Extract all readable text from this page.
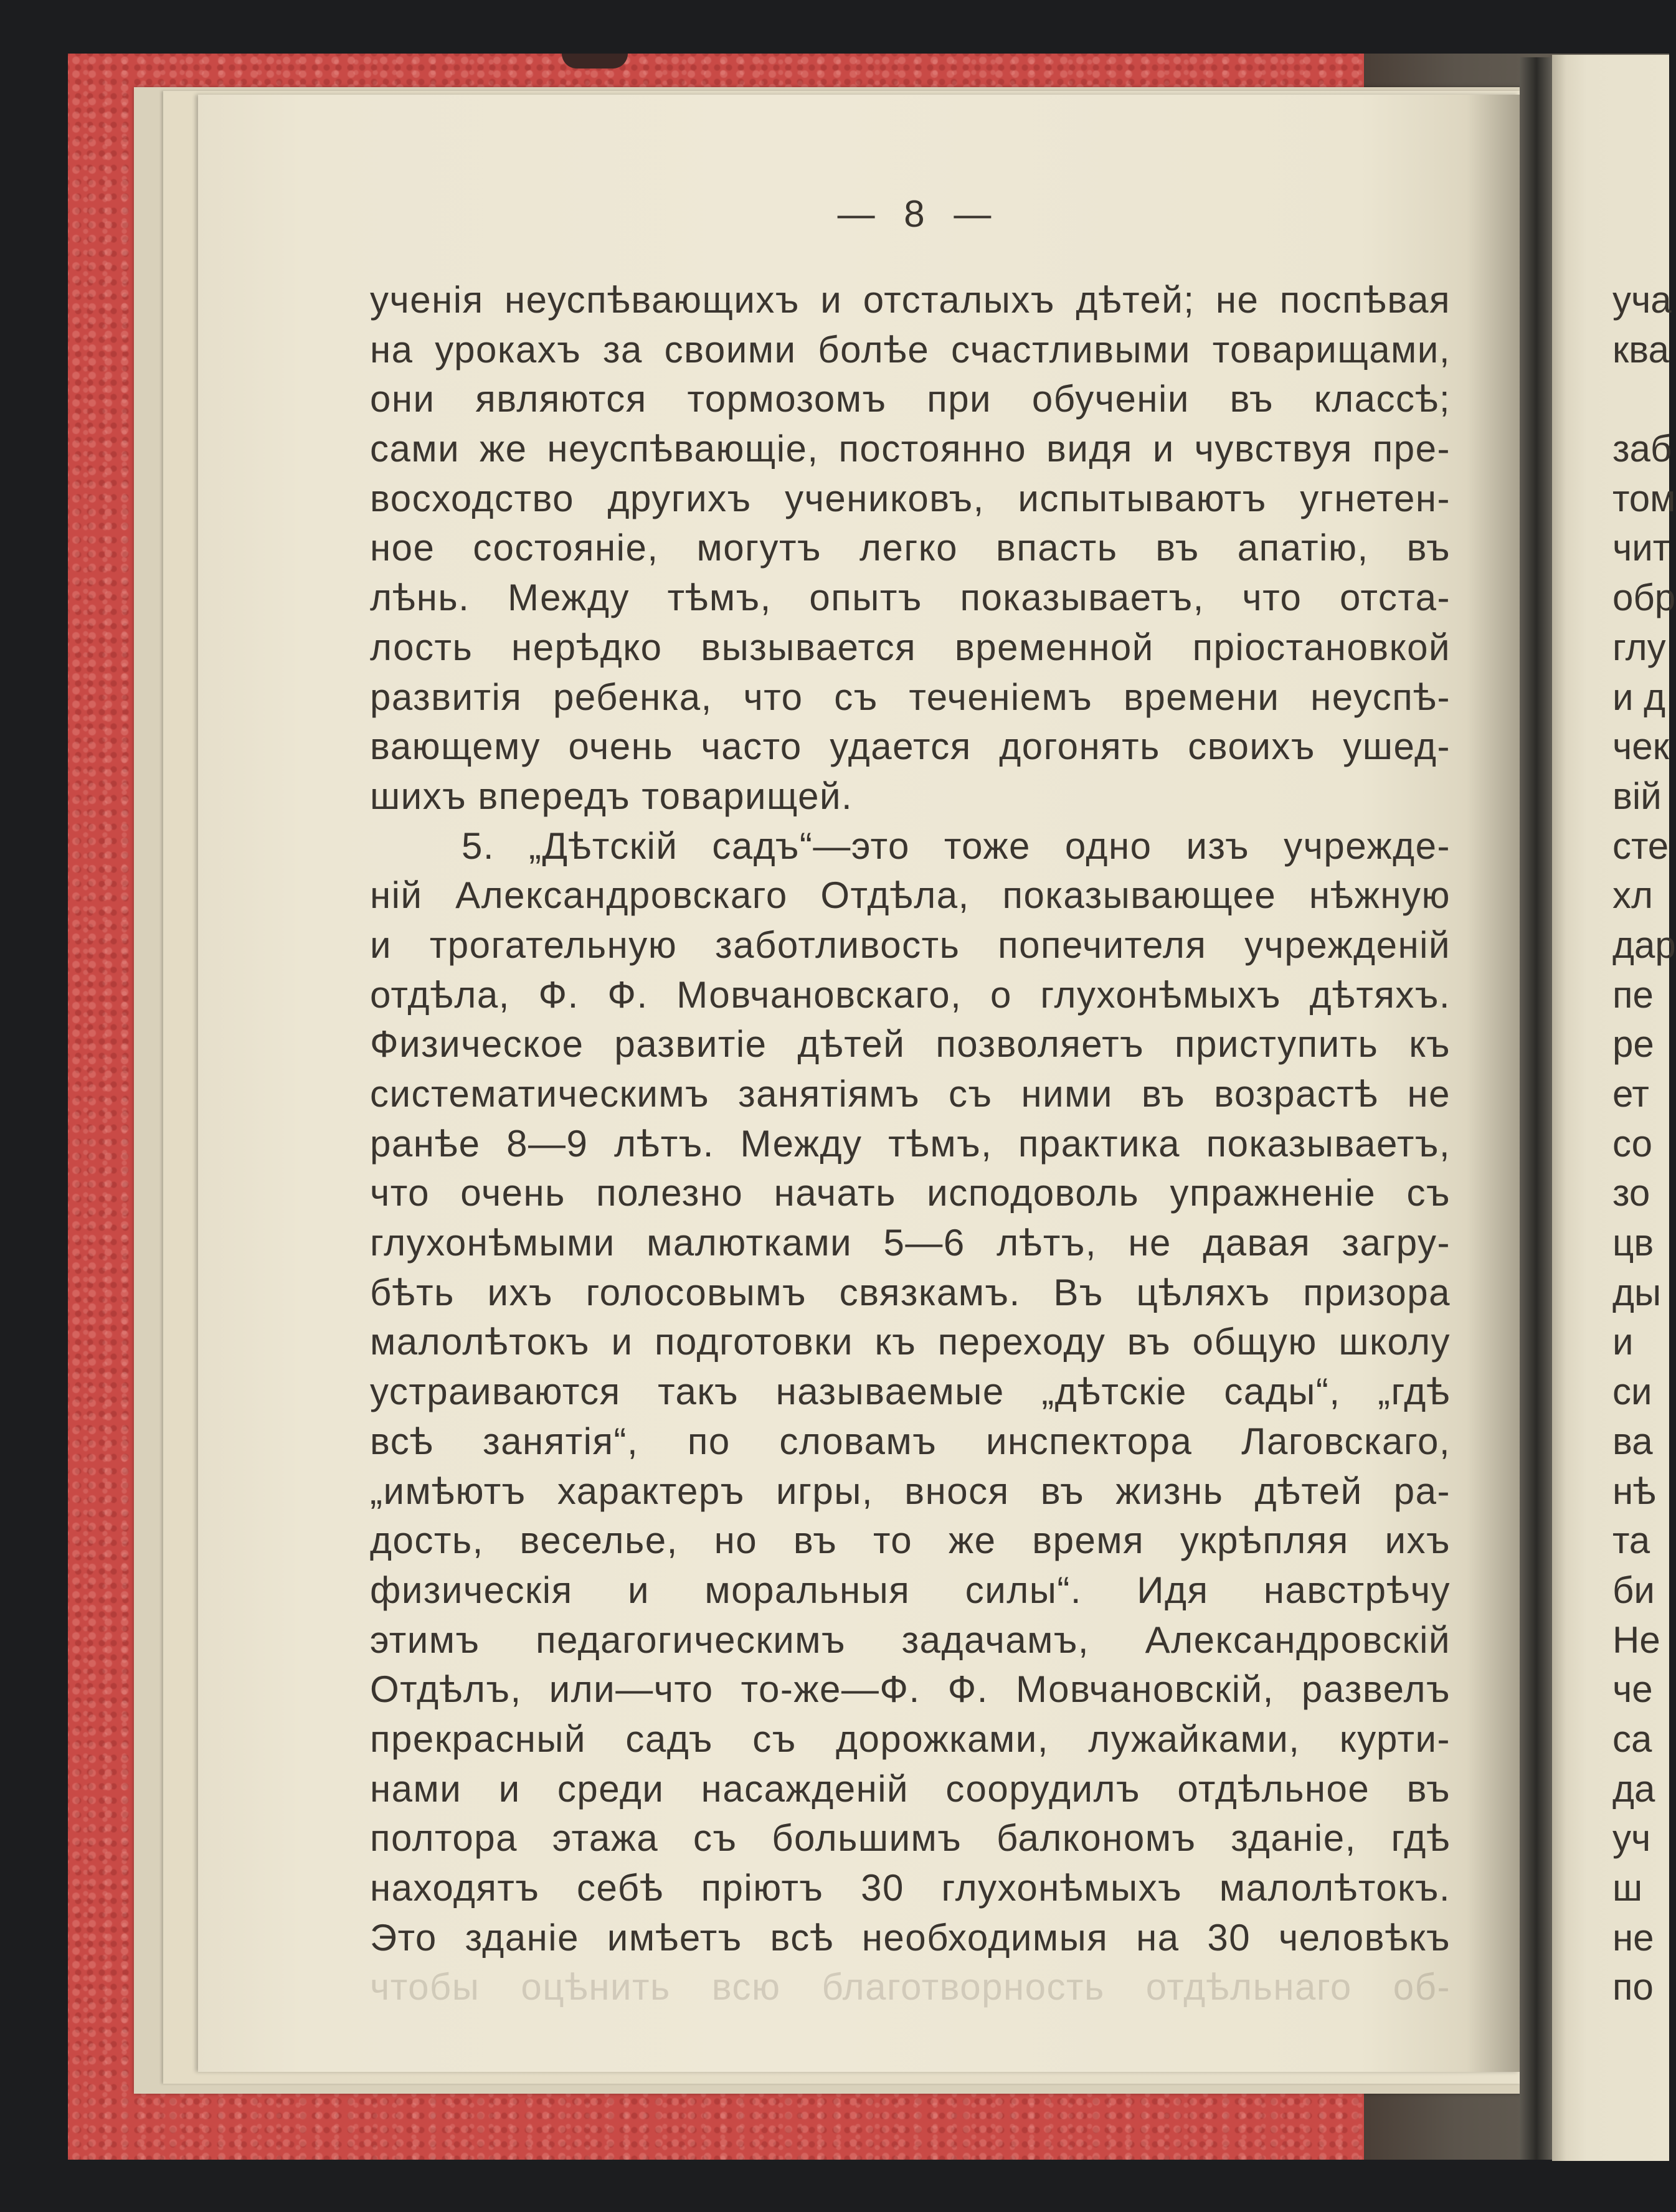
уча
ква
заб
том
чит
обр
глу
и д
чек
вій
сте
хл
дар
пе
ре
ет
со
зо
цв
ды
и
си
ва
нѣ
та
би
Не
че
са
да
уч
ш
не
по
— 8 —
ученія неуспѣвающихъ и отсталыхъ дѣтей; не поспѣвая
на урокахъ за своими болѣе счастливыми товарищами,
они являются тормозомъ при обученіи въ классѣ;
сами же неуспѣвающіе, постоянно видя и чувствуя пре-
восходство другихъ учениковъ, испытываютъ угнетен-
ное состояніе, могутъ легко впасть въ апатію, въ
лѣнь. Между тѣмъ, опытъ показываетъ, что отста-
лость нерѣдко вызывается временной пріостановкой
развитія ребенка, что съ теченіемъ времени неуспѣ-
вающему очень часто удается догонять своихъ ушед-
шихъ впередъ товарищей.
5. „Дѣтскій садъ“—это тоже одно изъ учрежде-
ній Александровскаго Отдѣла, показывающее нѣжную
и трогательную заботливость попечителя учрежденій
отдѣла, Ф. Ф. Мовчановскаго, о глухонѣмыхъ дѣтяхъ.
Физическое развитіе дѣтей позволяетъ приступить къ
систематическимъ занятіямъ съ ними въ возрастѣ не
ранѣе 8—9 лѣтъ. Между тѣмъ, практика показываетъ,
что очень полезно начать исподоволь упражненіе съ
глухонѣмыми малютками 5—6 лѣтъ, не давая загру-
бѣть ихъ голосовымъ связкамъ. Въ цѣляхъ призора
малолѣтокъ и подготовки къ переходу въ общую школу
устраиваются такъ называемые „дѣтскіе сады“, „гдѣ
всѣ занятія“, по словамъ инспектора Лаговскаго,
„имѣютъ характеръ игры, внося въ жизнь дѣтей ра-
дость, веселье, но въ то же время укрѣпляя ихъ
физическія и моральныя силы“. Идя навстрѣчу
этимъ педагогическимъ задачамъ, Александровскій
Отдѣлъ, или—что то-же—Ф. Ф. Мовчановскій, развелъ
прекрасный садъ съ дорожками, лужайками, курти-
нами и среди насажденій соорудилъ отдѣльное въ
полтора этажа съ большимъ балкономъ зданіе, гдѣ
находятъ себѣ пріютъ 30 глухонѣмыхъ малолѣтокъ.
Это зданіе имѣетъ всѣ необходимыя на 30 человѣкъ
чтобы оцѣнить всю благотворность отдѣльнаго об-
